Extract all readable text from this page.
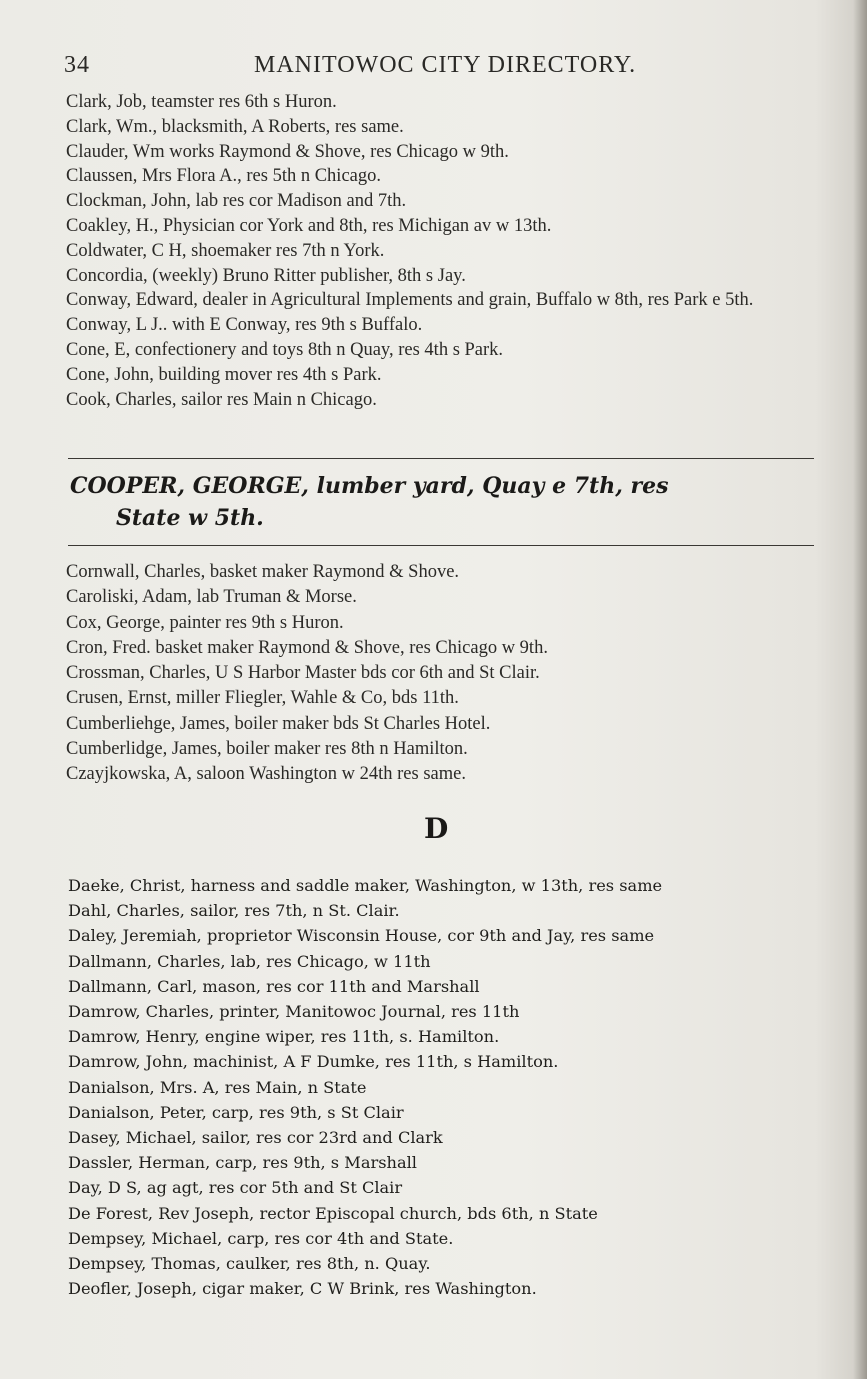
34	MANITOWOC CITY DIRECTORY.
Clark, Job, teamster res 6th s Huron.
Clark, Wm., blacksmith, A Roberts, res same.
Clauder, Wm works Raymond & Shove, res Chicago w 9th.
Claussen, Mrs Flora A., res 5th n Chicago.
Clockman, John, lab res cor Madison and 7th.
Coakley, H., Physician cor York and 8th, res Michigan av w 13th.
Coldwater, C H, shoemaker res 7th n York.
Concordia, (weekly) Bruno Ritter publisher, 8th s Jay.
Conway, Edward, dealer in Agricultural Implements and grain, Buffalo w 8th, res Park e 5th.
Conway, L J.. with E Conway, res 9th s Buffalo.
Cone, E, confectionery and toys 8th n Quay, res 4th s Park.
Cone, John, building mover res 4th s Park.
Cook, Charles, sailor res Main n Chicago.
COOPER, GEORGE, lumber yard, Quay e 7th, res
State w 5th.
Cornwall, Charles, basket maker Raymond & Shove.
Caroliski, Adam, lab Truman & Morse.
Cox, George, painter res 9th s Huron.
Cron, Fred. basket maker Raymond & Shove, res Chicago w 9th.
Crossman, Charles, U S Harbor Master bds cor 6th and St Clair.
Crusen, Ernst, miller Fliegler, Wahle & Co, bds 11th.
Cumberliehge, James, boiler maker bds St Charles Hotel.
Cumberlidge, James, boiler maker res 8th n Hamilton.
Czayjkowska, A, saloon Washington w 24th res same.
D
Daeke, Christ, harness and saddle maker, Washington, w 13th, res same
Dahl, Charles, sailor, res 7th, n St. Clair.
Daley, Jeremiah, proprietor Wisconsin House, cor 9th and Jay, res same
Dallmann, Charles, lab, res Chicago, w 11th
Dallmann, Carl, mason, res cor 11th and Marshall
Damrow, Charles, printer, Manitowoc Journal, res 11th
Damrow, Henry, engine wiper, res 11th, s. Hamilton.
Damrow, John, machinist, A F Dumke, res 11th, s Hamilton.
Danialson, Mrs. A, res Main, n State
Danialson, Peter, carp, res 9th, s St Clair
Dasey, Michael, sailor, res cor 23rd and Clark
Dassler, Herman, carp, res 9th, s Marshall
Day, D S, ag agt, res cor 5th and St Clair
De Forest, Rev Joseph, rector Episcopal church, bds 6th, n State
Dempsey, Michael, carp, res cor 4th and State.
Dempsey, Thomas, caulker, res 8th, n. Quay.
Deofler, Joseph, cigar maker, C W Brink, res Washington.
